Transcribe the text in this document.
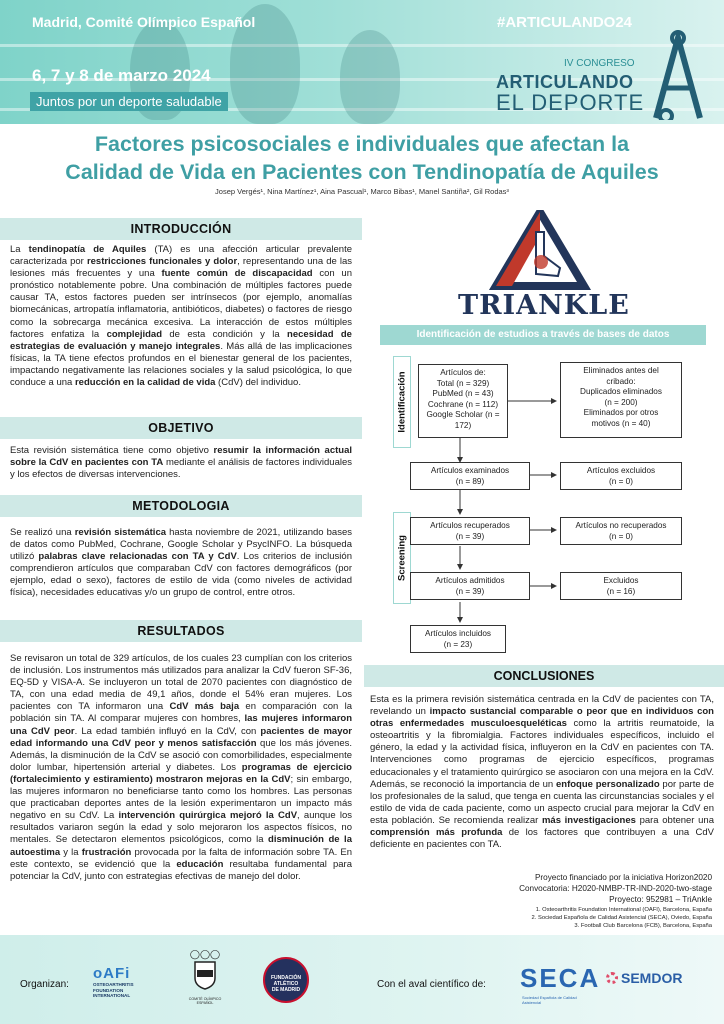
Madrid, Comité Olímpico Español	#ARTICULANDO24
6, 7 y 8 de marzo 2024
Juntos por un deporte saludable
IV CONGRESO
ARTICULANDO
EL DEPORTE
Factores psicosociales e individuales que afectan la
Calidad de Vida en Pacientes con Tendinopatía de Aquiles
Josep Vergés¹, Nina Martínez¹, Aina Pascual¹, Marco Bibas¹, Manel Santiña², Gil Rodas³
INTRODUCCIÓN
La tendinopatía de Aquiles (TA) es una afección articular prevalente caracterizada por restricciones funcionales y dolor, representando una de las lesiones más frecuentes y una fuente común de discapacidad con un pronóstico notablemente pobre. Una combinación de múltiples factores puede causar TA, estos factores pueden ser intrínsecos (por ejemplo, anomalías biomecánicas, artropatía inflamatoria, antibióticos, diabetes) o factores de riesgo como la sobrecarga mecánica excesiva. La interacción de estos múltiples factores enfatiza la complejidad de esta condición y la necesidad de estrategias de evaluación y manejo integrales. Más allá de las implicaciones físicas, la TA tiene efectos profundos en el bienestar general de los pacientes, impactando negativamente las relaciones sociales y la salud psicológica, lo que conduce a una reducción en la calidad de vida (CdV) del individuo.
OBJETIVO
Esta revisión sistemática tiene como objetivo resumir la información actual sobre la CdV en pacientes con TA mediante el análisis de factores individuales y los efectos de diversas intervenciones.
METODOLOGIA
Se realizó una revisión sistemática hasta noviembre de 2021, utilizando bases de datos como PubMed, Cochrane, Google Scholar y PsycINFO. La búsqueda utilizó palabras clave relacionadas con TA y CdV. Los criterios de inclusión comprendieron artículos que comparaban CdV con factores demográficos (por ejemplo, edad o sexo), factores de estilo de vida (como niveles de actividad física), necesidades educativas y/o un grupo de control, entre otros.
RESULTADOS
Se revisaron un total de 329 artículos, de los cuales 23 cumplían con los criterios de inclusión. Los instrumentos más utilizados para analizar la CdV fueron SF-36, EQ-5D y VISA-A. Se incluyeron un total de 2070 pacientes con diagnóstico de TA, con una edad media de 49,1 años, donde el 54% eran mujeres. Los pacientes con TA informaron una CdV más baja en comparación con la población sin TA. Al comparar mujeres con hombres, las mujeres informaron una CdV peor. La edad también influyó en la CdV, con pacientes de mayor edad informando una CdV peor y menos satisfacción que los más jóvenes. Además, la disminución de la CdV se asoció con comorbilidades, especialmente dolor lumbar, hipertensión arterial y diabetes. Los programas de ejercicio (fortalecimiento y estiramiento) mostraron mejoras en la CdV; sin embargo, las mujeres informaron no beneficiarse tanto como los hombres. Las personas que practicaban deportes antes de la lesión experimentaron un impacto más negativo en su CdV. La intervención quirúrgica mejoró la CdV, aunque los resultados variaron según la edad y solo mejoraron los aspectos físicos, no mentales. Se detectaron elementos psicológicos, como la disminución de la autoestima y la frustración provocada por la falta de información sobre TA. En este contexto, se evidenció que la educación resultaba fundamental para potenciar la CdV, junto con estrategias efectivas de manejo del dolor.
TRIANKLE
Identificación de estudios a través de bases de datos
Identificación
Screening
Artículos de:
Total (n = 329)
PubMed (n = 43)
Cochrane (n = 112)
Google Scholar (n = 172)
Eliminados antes del
cribado:
Duplicados eliminados
(n = 200)
Eliminados por otros
motivos (n = 40)
Artículos examinados
(n = 89)
Artículos excluidos
(n = 0)
Artículos recuperados
(n = 39)
Artículos no recuperados
(n = 0)
Artículos admitidos
(n = 39)
Excluidos
(n = 16)
Artículos incluidos
(n = 23)
CONCLUSIONES
Esta es la primera revisión sistemática centrada en la CdV de pacientes con TA, revelando un impacto sustancial comparable o peor que en individuos con otras enfermedades musculoesqueléticas como la artritis reumatoide, la osteoartritis y la fibromialgia. Factores individuales específicos, incluido el género, la edad y la actividad física, influyeron en la CdV en pacientes con TA. Intervenciones como programas de ejercicio específicos, programas educacionales y el tratamiento quirúrgico se asociaron con una mejora en la CdV. Además, se reconoció la importancia de un enfoque personalizado por parte de los profesionales de la salud, que tenga en cuenta las circunstancias sociales y el estilo de vida de cada paciente, como un aspecto crucial para mejorar la CdV en esta población. Se recomienda realizar más investigaciones para obtener una comprensión más profunda de los factores que contribuyen a una CdV deficiente en pacientes con TA.
Proyecto financiado por la iniciativa Horizon2020
Convocatoria: H2020-NMBP-TR-IND-2020-two-stage
Proyecto: 952981 – TriAnkle
1. Osteoarthritis Foundation International (OAFI), Barcelona, España
2. Sociedad Española de Calidad Asistencial (SECA), Oviedo, España
3. Football Club Barcelona (FCB), Barcelona, España
Organizan:
oAFi
OSTEOARTHRITIS
FOUNDATION
INTERNATIONAL
◯◯◯
COMITÉ OLÍMPICO ESPAÑOL
FUNDACIÓN
ATLÉTICO
DE MADRID	Con el aval científico de: SECA
Sociedad Española de Calidad Asistencial
SEMDOR
